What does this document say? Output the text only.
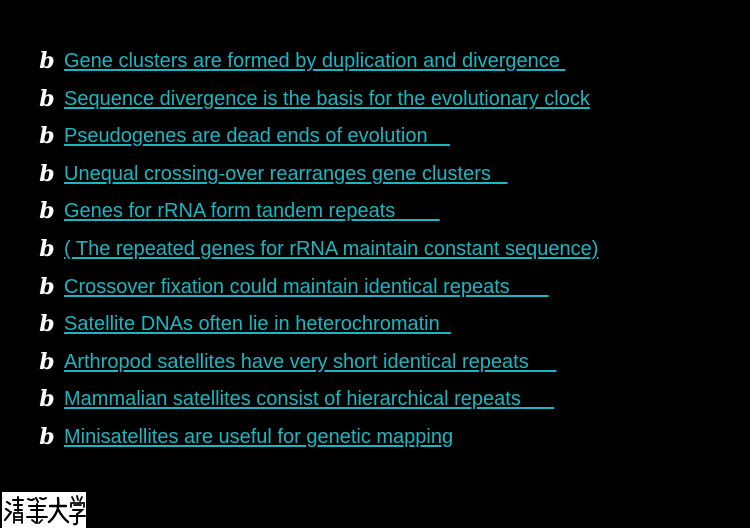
b Gene clusters are formed by duplication and divergence
b Sequence divergence is the basis for the evolutionary clock
b Pseudogenes are dead ends of evolution
b Unequal crossing-over rearranges gene clusters
b Genes for rRNA form tandem repeats
b ( The repeated genes for rRNA maintain constant sequence)
b Crossover fixation could maintain identical repeats
b Satellite DNAs often lie in heterochromatin
b Arthropod satellites have very short identical repeats
b Mammalian satellites consist of hierarchical repeats
b Minisatellites are useful for genetic mapping
